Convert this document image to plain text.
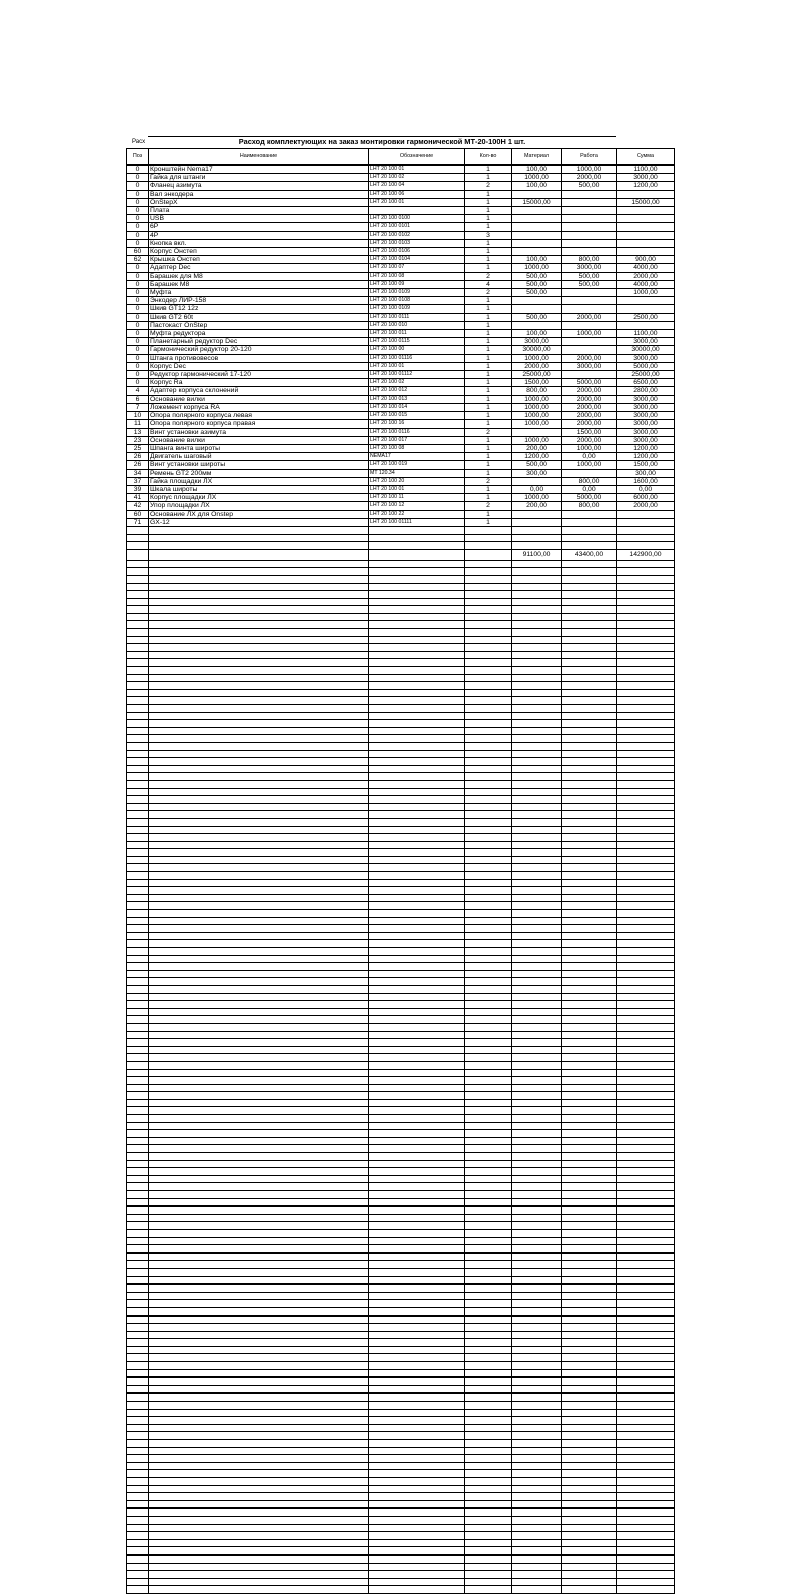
Расх	Расход комплектующих на заказ монтировки гармонической МТ-20-100Н 1 шт.
Поз	Наименование	Обозначение	Кол-во	Материал	Работа	Сумма
0	Кронштейн Nema17	LHT 20 100 01	1	100,00	1000,00	1100,00
0	Гайка для штанги	LHT 20 100 02	1	1000,00	2000,00	3000,00
0	Фланец азимута	LHT 20 100 04	2	100,00	500,00	1200,00
0	Вал энкодера	LHT 20 100 06	1			
0	OnStepX	LHT 20 100 01	1	15000,00		15000,00
0	Плата		1			
0	USB	LHT 20 100 0100	1			
0	6P	LHT 20 100 0101	1			
0	4P	LHT 20 100 0102	3			
0	Кнопка вкл.	LHT 20 100 0103	1			
60	Корпус Онстеп	LHT 20 100 0106	1			
62	Крышка Онстеп	LHT 20 100 0104	1	100,00	800,00	900,00
0	Адаптер Dec	LHT 20 100 07	1	1000,00	3000,00	4000,00
0	Барашек для М8	LHT 20 100 08	2	500,00	500,00	2000,00
0	Барашек М8	LHT 20 100 09	4	500,00	500,00	4000,00
0	Муфта	LHT 20 100 0109	2	500,00		1000,00
0	Энкодер ЛИР-158	LHT 20 100 0108	1			
0	Шкив GT12 12z	LHT 20 100 0109	1			
0	Шкив GT2 60t	LHT 20 100 0111	1	500,00	2000,00	2500,00
0	Пастокаст OnStep	LHT 20 100 010	1			
0	Муфта редуктора	LHT 20 100 011	1	100,00	1000,00	1100,00
0	Планетарный редуктор Dec	LHT 20 100 0115	1	3000,00		3000,00
0	Гармонический редуктор 20-120	LHT 20 100 00	1	30000,00		30000,00
0	Штанга противовесов	LHT 20 100 01116	1	1000,00	2000,00	3000,00
0	Корпус Dec	LHT 20 100 01	1	2000,00	3000,00	5000,00
0	Редуктор гармонический 17-120	LHT 20 100 01112	1	25000,00		25000,00
0	Корпус Ra	LHT 20 100 02	1	1500,00	5000,00	6500,00
4	Адаптер корпуса склонений	LHT 20 100 012	1	800,00	2000,00	2800,00
6	Основание вилки	LHT 20 100 013	1	1000,00	2000,00	3000,00
7	Ложемент корпуса RA	LHT 20 100 014	1	1000,00	2000,00	3000,00
10	Опора полярного корпуса левая	LHT 20 100 015	1	1000,00	2000,00	3000,00
11	Опора полярного корпуса правая	LHT 20 100 16	1	1000,00	2000,00	3000,00
13	Винт установки азимута	LHT 20 100 0116	2		1500,00	3000,00
23	Основание вилки	LHT 20 100 017	1	1000,00	2000,00	3000,00
25	Шпанга винта широты	LHT 20 100 08	1	200,00	1000,00	1200,00
26	Двигатель шаговый	NEMA17	1	1200,00	0,00	1200,00
26	Винт установки широты	LHT 20 100 019	1	500,00	1000,00	1500,00
34	Ремень GT2 200мм	MT 120.34	1	300,00		300,00
37	Гайка площадки ЛХ	LHT 20 100 20	2		800,00	1600,00
39	Шкала широты	LHT 20 100 01	1	0,00	0,00	0,00
41	Корпус площадки ЛХ	LHT 20 100 11	1	1000,00	5000,00	6000,00
42	Упор площадки ЛХ	LHT 20 100 12	2	200,00	800,00	2000,00
60	Основание ЛХ для Onstep	LHT 20 100 22	1			
71	GX-12	LHT 20 100 01111	1			

				91100,00	43400,00	142900,00
